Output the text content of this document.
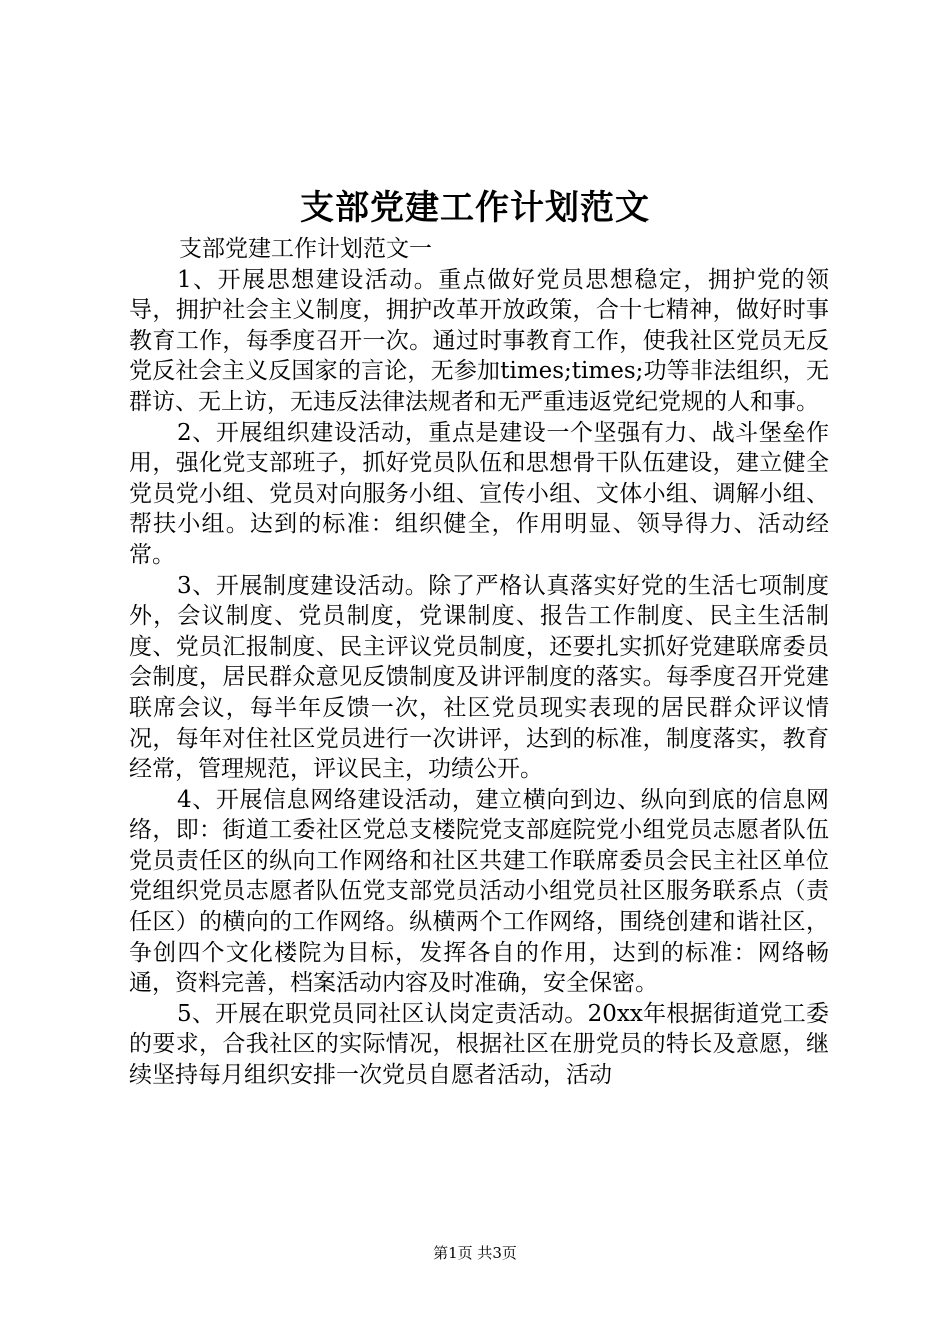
支部党建工作计划范文

支部党建工作计划范文一

1、开展思想建设活动。重点做好党员思想稳定，拥护党的领导，拥护社会主义制度，拥护改革开放政策，合十七精神，做好时事教育工作，每季度召开一次。通过时事教育工作，使我社区党员无反党反社会主义反国家的言论，无参加times;times;功等非法组织，无群访、无上访，无违反法律法规者和无严重违返党纪党规的人和事。

2、开展组织建设活动，重点是建设一个坚强有力、战斗堡垒作用，强化党支部班子，抓好党员队伍和思想骨干队伍建设，建立健全党员党小组、党员对向服务小组、宣传小组、文体小组、调解小组、帮扶小组。达到的标准：组织健全，作用明显、领导得力、活动经常。

3、开展制度建设活动。除了严格认真落实好党的生活七项制度外，会议制度、党员制度，党课制度、报告工作制度、民主生活制度、党员汇报制度、民主评议党员制度，还要扎实抓好党建联席委员会制度，居民群众意见反馈制度及讲评制度的落实。每季度召开党建联席会议，每半年反馈一次，社区党员现实表现的居民群众评议情况，每年对住社区党员进行一次讲评，达到的标准，制度落实，教育经常，管理规范，评议民主，功绩公开。

4、开展信息网络建设活动，建立横向到边、纵向到底的信息网络，即：街道工委社区党总支楼院党支部庭院党小组党员志愿者队伍党员责任区的纵向工作网络和社区共建工作联席委员会民主社区单位党组织党员志愿者队伍党支部党员活动小组党员社区服务联系点（责任区）的横向的工作网络。纵横两个工作网络，围绕创建和谐社区，争创四个文化楼院为目标，发挥各自的作用，达到的标准：网络畅通，资料完善，档案活动内容及时准确，安全保密。

5、开展在职党员同社区认岗定责活动。20xx年根据街道党工委的要求，合我社区的实际情况，根据社区在册党员的特长及意愿，继续坚持每月组织安排一次党员自愿者活动，活动

第1页 共3页
